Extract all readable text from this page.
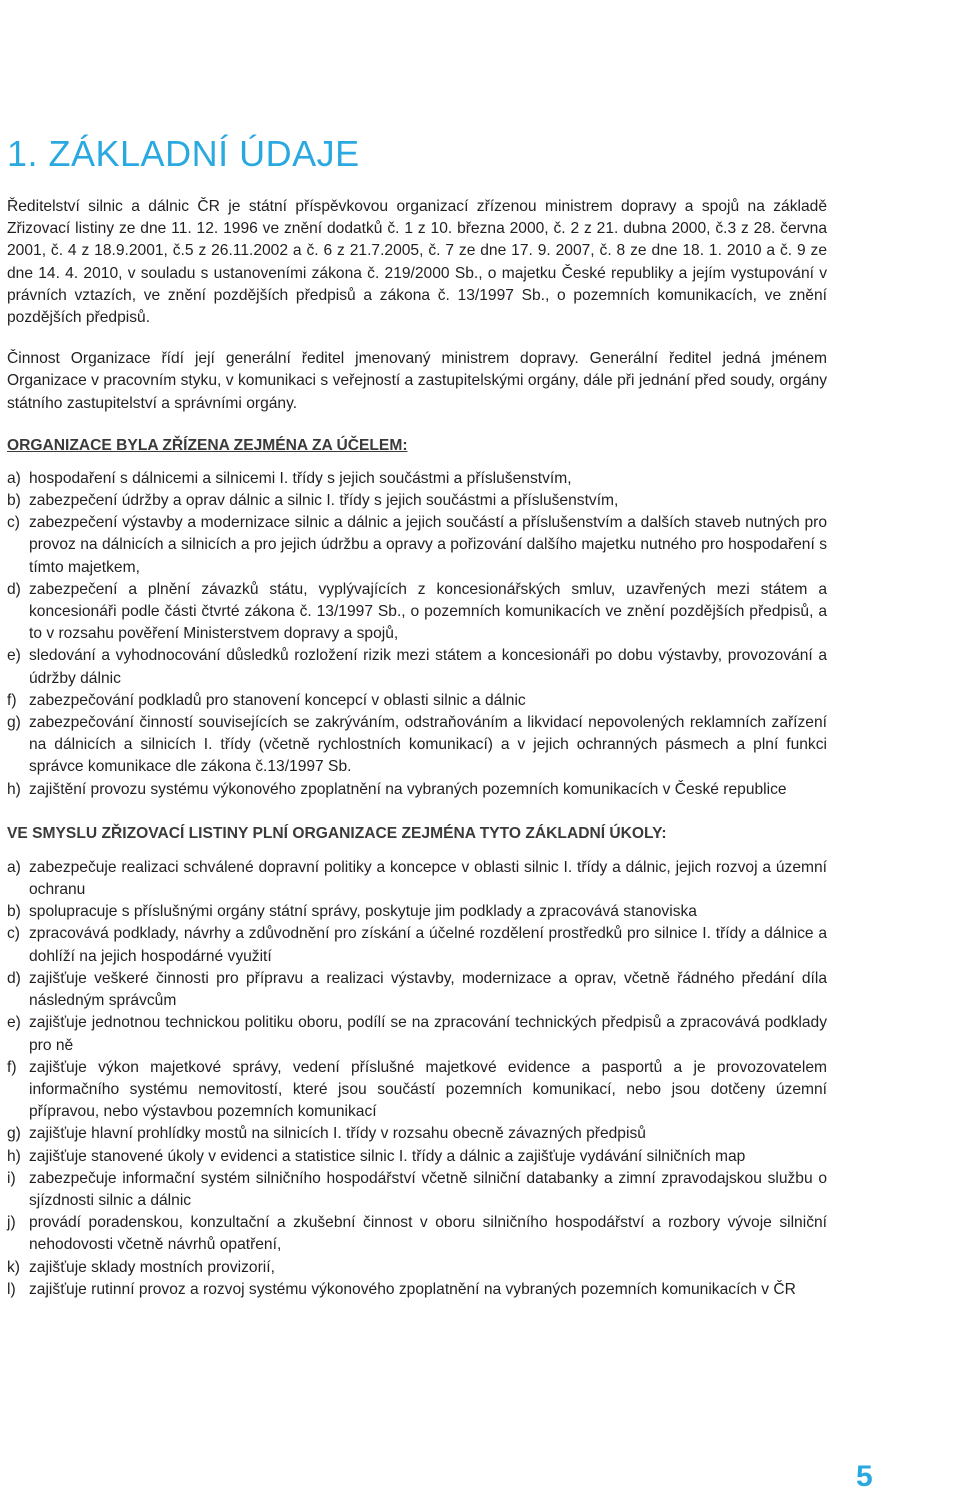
1. ZÁKLADNÍ ÚDAJE

Ředitelství silnic a dálnic ČR je státní příspěvkovou organizací zřízenou ministrem dopravy a spojů na základě Zřizovací listiny ze dne 11. 12. 1996 ve znění dodatků č. 1 z 10. března 2000, č. 2 z 21. dubna 2000, č.3 z 28. června 2001, č. 4 z 18.9.2001, č.5 z 26.11.2002 a č. 6 z 21.7.2005, č. 7 ze dne 17. 9. 2007, č. 8 ze dne 18. 1. 2010 a č. 9 ze dne 14. 4. 2010, v souladu s ustanoveními zákona č. 219/2000 Sb., o majetku České republiky a jejím vystupování v právních vztazích, ve znění pozdějších předpisů a zákona č. 13/1997 Sb., o pozemních komunikacích, ve znění pozdějších předpisů.

Činnost Organizace řídí její generální ředitel jmenovaný ministrem dopravy. Generální ředitel jedná jménem Organizace v pracovním styku, v komunikaci s veřejností a zastupitelskými orgány, dále při jednání před soudy, orgány státního zastupitelství a správními orgány.

ORGANIZACE BYLA ZŘÍZENA ZEJMÉNA ZA ÚČELEM:
a) hospodaření s dálnicemi a silnicemi I. třídy s jejich součástmi a příslušenstvím,
b) zabezpečení údržby a oprav dálnic a silnic I. třídy s jejich součástmi a příslušenstvím,
c) zabezpečení výstavby a modernizace silnic a dálnic a jejich součástí a příslušenstvím a dalších staveb nutných pro provoz na dálnicích a silnicích a pro jejich údržbu a opravy a pořizování dalšího majetku nutného pro hospodaření s tímto majetkem,
d) zabezpečení a plnění závazků státu, vyplývajících z koncesionářských smluv, uzavřených mezi státem a koncesionáři podle části čtvrté zákona č. 13/1997 Sb., o pozemních komunikacích ve znění pozdějších předpisů, a to v rozsahu pověření Ministerstvem dopravy a spojů,
e) sledování a vyhodnocování důsledků rozložení rizik mezi státem a koncesionáři po dobu výstavby, provozování a údržby dálnic
f) zabezpečování podkladů pro stanovení koncepcí v oblasti silnic a dálnic
g) zabezpečování činností souvisejících se zakrýváním, odstraňováním a likvidací nepovolených reklamních zařízení na dálnicích a silnicích I. třídy (včetně rychlostních komunikací) a v jejich ochranných pásmech a plní funkci správce komunikace dle zákona č.13/1997 Sb.
h) zajištění provozu systému výkonového zpoplatnění na vybraných pozemních komunikacích v České republice
VE SMYSLU ZŘIZOVACÍ LISTINY PLNÍ ORGANIZACE ZEJMÉNA TYTO ZÁKLADNÍ ÚKOLY:
a) zabezpečuje realizaci schválené dopravní politiky a koncepce v oblasti silnic I. třídy a dálnic, jejich rozvoj a územní ochranu
b) spolupracuje s příslušnými orgány státní správy, poskytuje jim podklady a zpracovává stanoviska
c) zpracovává podklady, návrhy a zdůvodnění pro získání a účelné rozdělení prostředků pro silnice I. třídy a dálnice a dohlíží na jejich hospodárné využití
d) zajišťuje veškeré činnosti pro přípravu a realizaci výstavby, modernizace a oprav, včetně řádného předání díla následným správcům
e) zajišťuje jednotnou technickou politiku oboru, podílí se na zpracování technických předpisů a zpracovává podklady pro ně
f) zajišťuje výkon majetkové správy, vedení příslušné majetkové evidence a pasportů a je provozovatelem informačního systému nemovitostí, které jsou součástí pozemních komunikací, nebo jsou dotčeny územní přípravou, nebo výstavbou pozemních komunikací
g) zajišťuje hlavní prohlídky mostů na silnicích I. třídy v rozsahu obecně závazných předpisů
h) zajišťuje stanovené úkoly v evidenci a statistice silnic I. třídy a dálnic a zajišťuje vydávání silničních map
i) zabezpečuje informační systém silničního hospodářství včetně silniční databanky a zimní zpravodajskou službu o sjízdnosti silnic a dálnic
j) provádí poradenskou, konzultační a zkušební činnost v oboru silničního hospodářství a rozbory vývoje silniční nehodovosti včetně návrhů opatření,
k) zajišťuje sklady mostních provizorií,
l) zajišťuje rutinní provoz a rozvoj systému výkonového zpoplatnění na vybraných pozemních komunikacích v ČR
5
